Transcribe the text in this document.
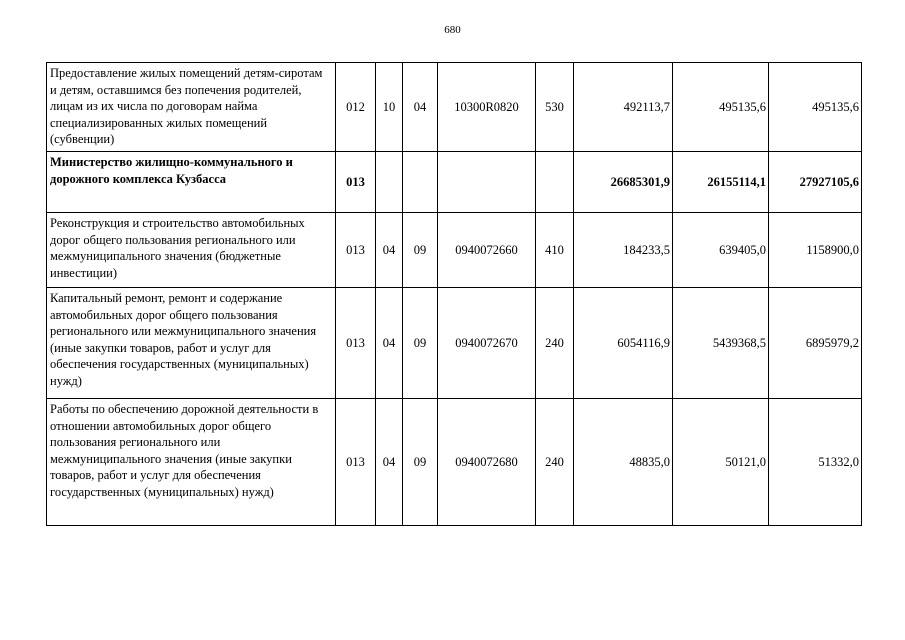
680
Предоставление жилых помещений детям-сиротам и детям, оставшимся без попечения родителей, лицам из их числа по договорам найма специализированных жилых помещений (субвенции)	012	10	04	10300R0820	530	492113,7	495135,6	495135,6
Министерство жилищно-коммунального и дорожного комплекса Кузбасса	013					26685301,9	26155114,1	27927105,6
Реконструкция и строительство автомобильных дорог общего пользования регионального или межмуниципального значения (бюджетные инвестиции)	013	04	09	0940072660	410	184233,5	639405,0	1158900,0
Капитальный ремонт, ремонт и содержание автомобильных дорог общего пользования регионального или межмуниципального значения (иные закупки товаров, работ и услуг для обеспечения государственных (муниципальных) нужд)	013	04	09	0940072670	240	6054116,9	5439368,5	6895979,2
Работы по обеспечению дорожной деятельности в отношении автомобильных дорог общего пользования регионального или межмуниципального значения (иные закупки товаров, работ и услуг для обеспечения государственных (муниципальных) нужд)	013	04	09	0940072680	240	48835,0	50121,0	51332,0
